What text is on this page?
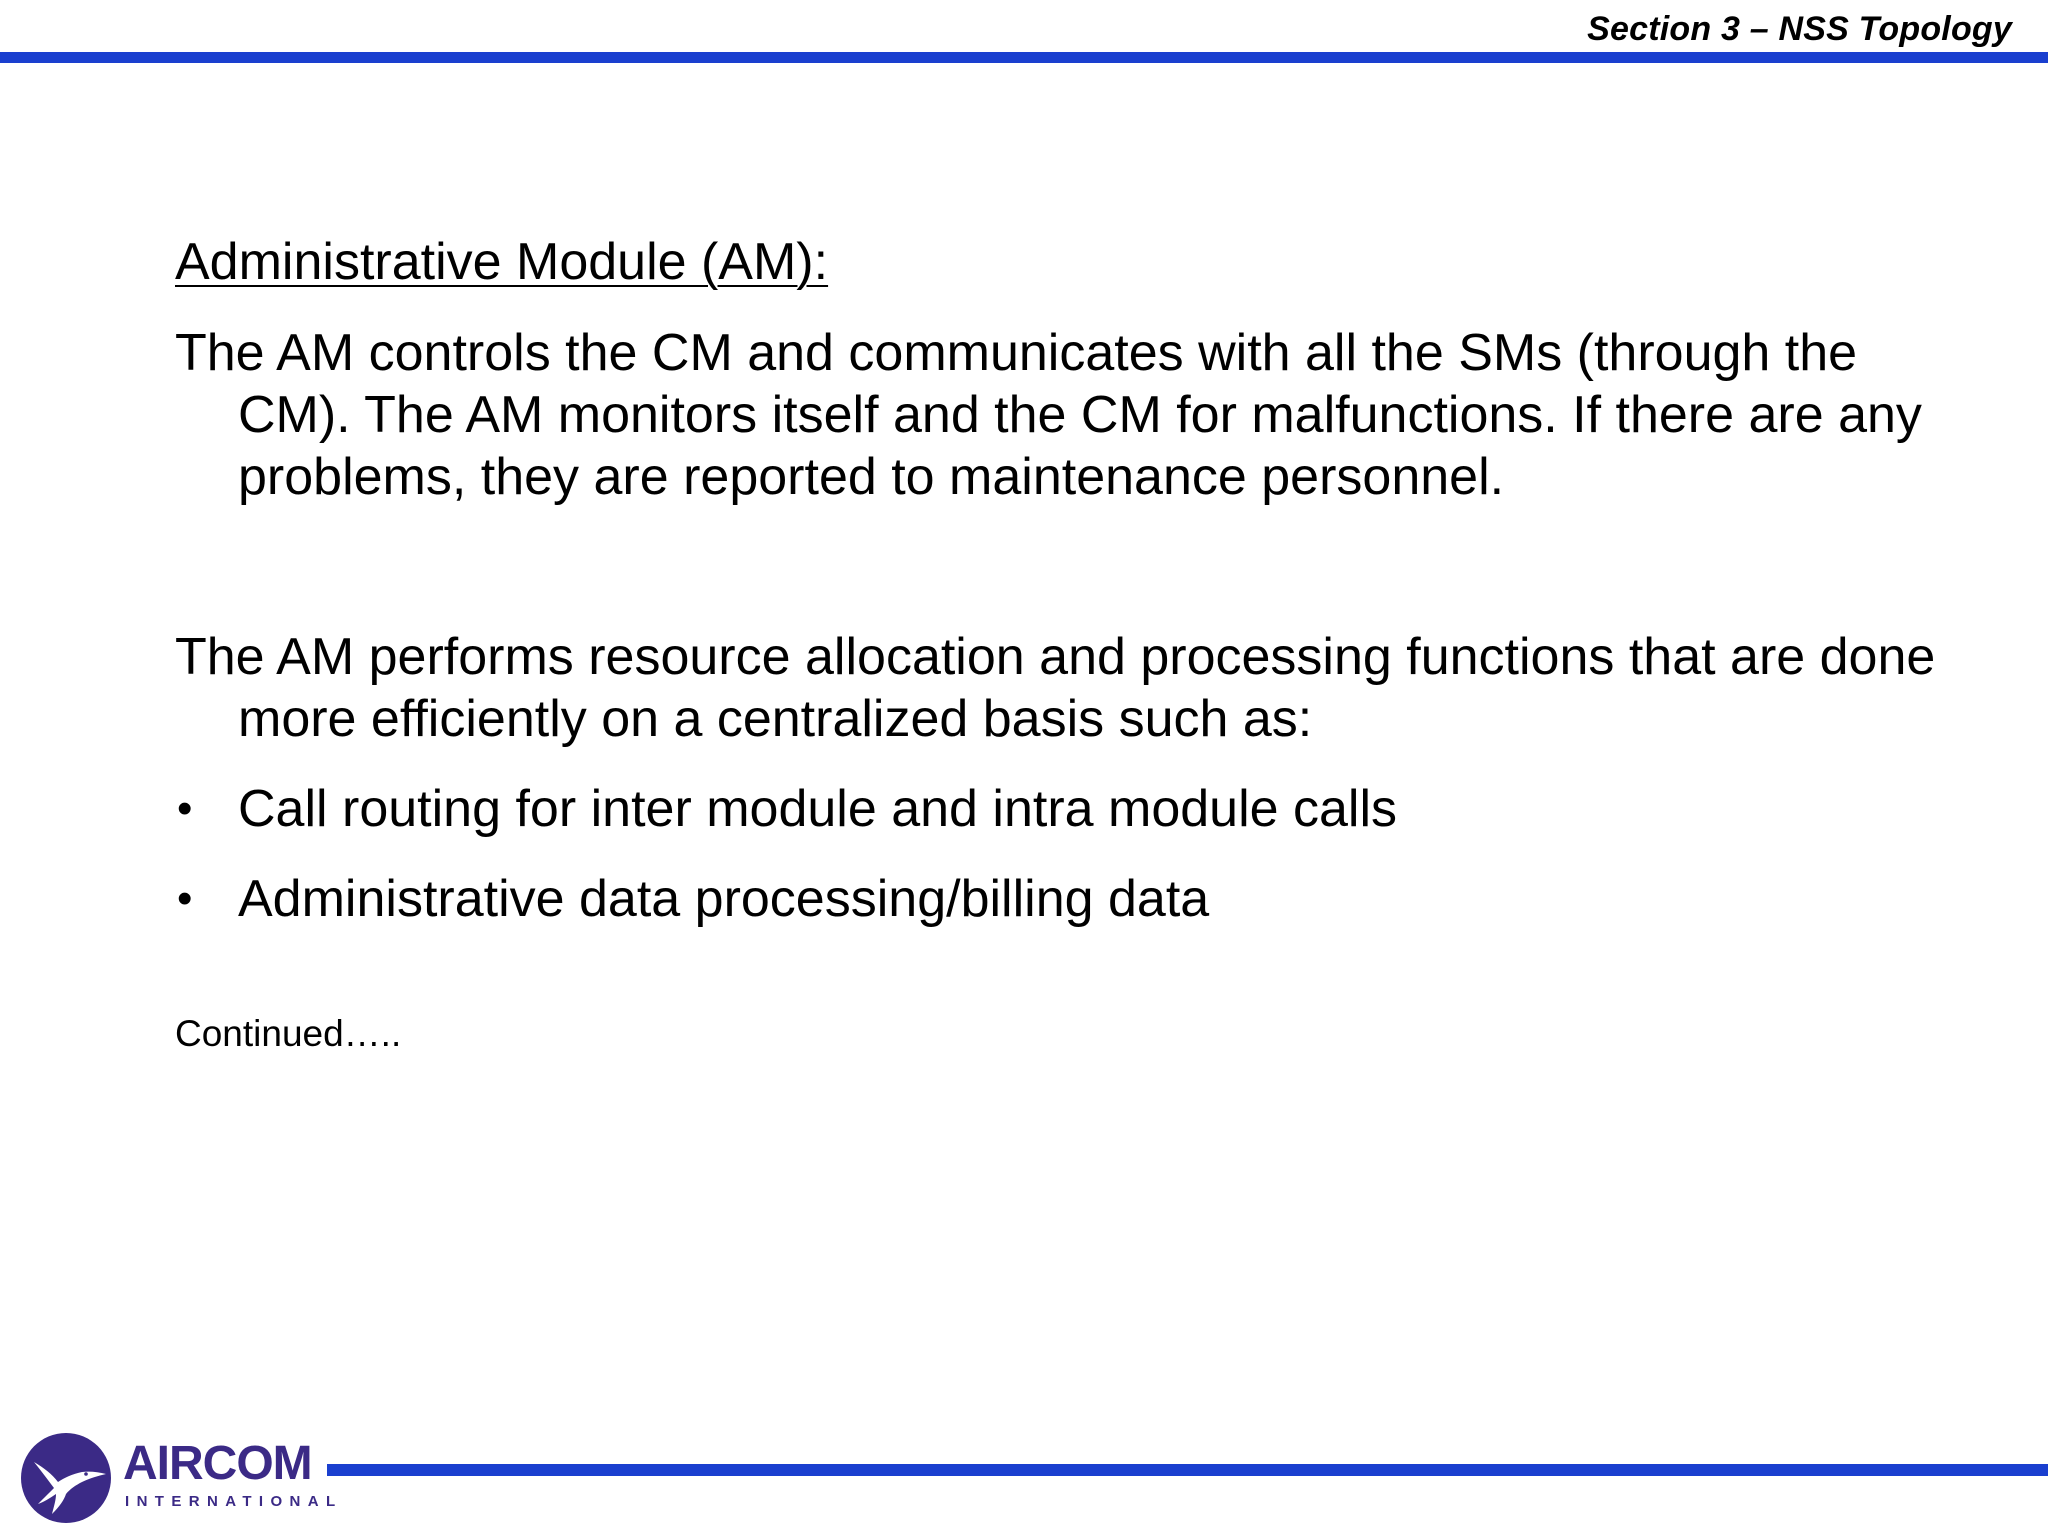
Section 3 – NSS Topology
Administrative Module (AM):

The AM controls the CM and communicates with all the SMs (through the CM). The AM monitors itself and the CM for malfunctions. If there are any problems, they are reported to maintenance personnel.

The AM performs resource allocation and processing functions that are done more efficiently on a centralized basis such as:

• Call routing for inter module and intra module calls
• Administrative data processing/billing data
Continued…..
AIRCOM
INTERNATIONAL
